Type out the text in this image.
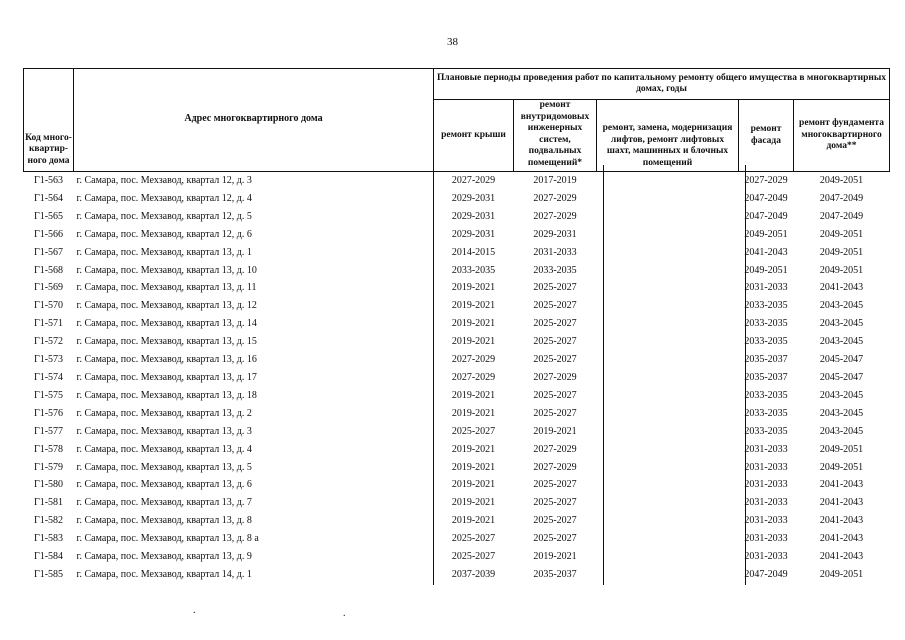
38
Код много-квартир-ного дома	Адрес многоквартирного дома	Плановые периоды проведения работ по капитальному ремонту общего имущества в многоквартирных домах, годы				
		ремонт крыши	ремонт внутридомовых инженерных систем, подвальных помещений*	ремонт, замена, модернизация лифтов, ремонт лифтовых шахт, машинных и блочных помещений	ремонт фасада	ремонт фундамента многоквартирного дома**
Г1-563	г. Самара, пос. Мехзавод, квартал 12, д. 3	2027-2029	2017-2019		2027-2029	2049-2051
Г1-564	г. Самара, пос. Мехзавод, квартал 12, д. 4	2029-2031	2027-2029		2047-2049	2047-2049
Г1-565	г. Самара, пос. Мехзавод, квартал 12, д. 5	2029-2031	2027-2029		2047-2049	2047-2049
Г1-566	г. Самара, пос. Мехзавод, квартал 12, д. 6	2029-2031	2029-2031		2049-2051	2049-2051
Г1-567	г. Самара, пос. Мехзавод, квартал 13, д. 1	2014-2015	2031-2033		2041-2043	2049-2051
Г1-568	г. Самара, пос. Мехзавод, квартал 13, д. 10	2033-2035	2033-2035		2049-2051	2049-2051
Г1-569	г. Самара, пос. Мехзавод, квартал 13, д. 11	2019-2021	2025-2027		2031-2033	2041-2043
Г1-570	г. Самара, пос. Мехзавод, квартал 13, д. 12	2019-2021	2025-2027		2033-2035	2043-2045
Г1-571	г. Самара, пос. Мехзавод, квартал 13, д. 14	2019-2021	2025-2027		2033-2035	2043-2045
Г1-572	г. Самара, пос. Мехзавод, квартал 13, д. 15	2019-2021	2025-2027		2033-2035	2043-2045
Г1-573	г. Самара, пос. Мехзавод, квартал 13, д. 16	2027-2029	2025-2027		2035-2037	2045-2047
Г1-574	г. Самара, пос. Мехзавод, квартал 13, д. 17	2027-2029	2027-2029		2035-2037	2045-2047
Г1-575	г. Самара, пос. Мехзавод, квартал 13, д. 18	2019-2021	2025-2027		2033-2035	2043-2045
Г1-576	г. Самара, пос. Мехзавод, квартал 13, д. 2	2019-2021	2025-2027		2033-2035	2043-2045
Г1-577	г. Самара, пос. Мехзавод, квартал 13, д. 3	2025-2027	2019-2021		2033-2035	2043-2045
Г1-578	г. Самара, пос. Мехзавод, квартал 13, д. 4	2019-2021	2027-2029		2031-2033	2049-2051
Г1-579	г. Самара, пос. Мехзавод, квартал 13, д. 5	2019-2021	2027-2029		2031-2033	2049-2051
Г1-580	г. Самара, пос. Мехзавод, квартал 13, д. 6	2019-2021	2025-2027		2031-2033	2041-2043
Г1-581	г. Самара, пос. Мехзавод, квартал 13, д. 7	2019-2021	2025-2027		2031-2033	2041-2043
Г1-582	г. Самара, пос. Мехзавод, квартал 13, д. 8	2019-2021	2025-2027		2031-2033	2041-2043
Г1-583	г. Самара, пос. Мехзавод, квартал 13, д. 8 а	2025-2027	2025-2027		2031-2033	2041-2043
Г1-584	г. Самара, пос. Мехзавод, квартал 13, д. 9	2025-2027	2019-2021		2031-2033	2041-2043
Г1-585	г. Самара, пос. Мехзавод, квартал 14, д. 1	2037-2039	2035-2037		2047-2049	2049-2051
.	.
